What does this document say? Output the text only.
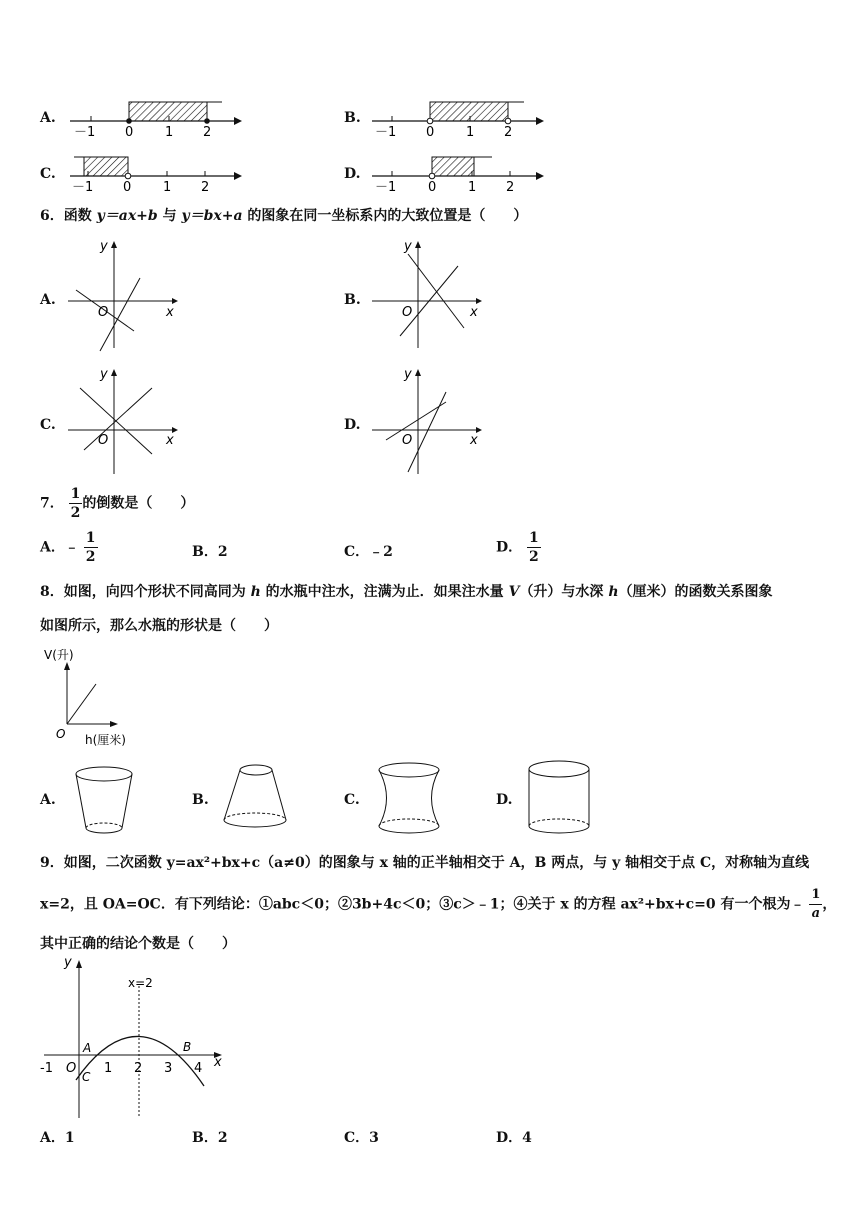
A.
－1 0 1 2
B.
－1 0 1 2
C.
－1 0 1 2
D.
－1 0 1 2
6．函数 y＝ax+b 与 y＝bx+a 的图象在同一坐标系内的大致位置是（　　）
A.
y
x
O
B.
y
x
O
C.
y
x
O
D.
y
x
O
7． $\frac{1}{2}$ 的倒数是（　　）
A．﹣ $\frac{1}{2}$	B．2	C．﹣2	D． $\frac{1}{2}$
8．如图，向四个形状不同高同为 h 的水瓶中注水，注满为止．如果注水量 V（升）与水深 h（厘米）的函数关系图象
如图所示，那么水瓶的形状是（　　）
V(升)
O h(厘米)
A.	B.	C.	D.
9．如图，二次函数 y=ax²+bx+c（a≠0）的图象与 x 轴的正半轴相交于 A，B 两点，与 y 轴相交于点 C，对称轴为直线
x=2，且 OA=OC．有下列结论：①abc＜0；②3b+4c＜0；③c＞﹣1；④关于 x 的方程 ax²+bx+c=0 有一个根为﹣ $\frac{1}{a}$ ，
其中正确的结论个数是（　　）
y
x
x=2
A	B
C
O
-1	1 2 3 4
A．1	B．2	C．3	D．4
